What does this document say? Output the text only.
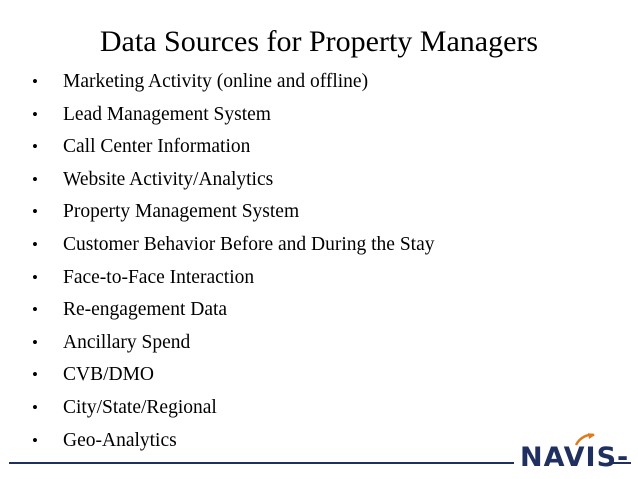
Data Sources for Property Managers
• Marketing Activity (online and offline)
• Lead Management System
• Call Center Information
• Website Activity/Analytics
• Property Management System
• Customer Behavior Before and During the Stay
• Face-to-Face Interaction
• Re-engagement Data
• Ancillary Spend
• CVB/DMO
• City/State/Regional
• Geo-Analytics
NAVIS-
